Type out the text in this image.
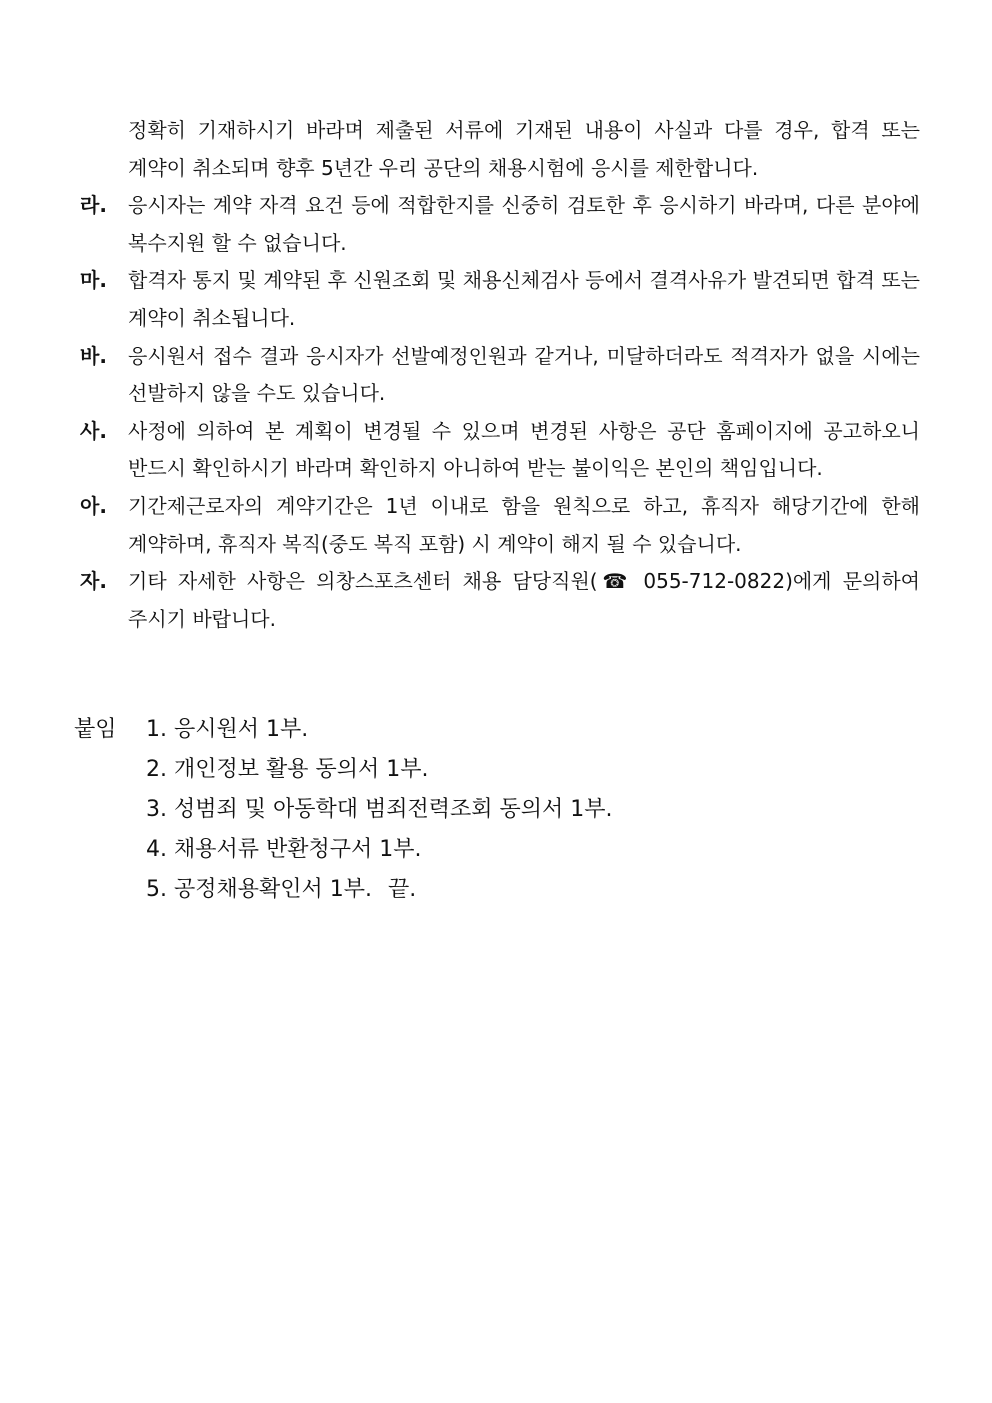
정확히 기재하시기 바라며 제출된 서류에 기재된 내용이 사실과 다를 경우, 합격 또는 계약이 취소되며 향후 5년간 우리 공단의 채용시험에 응시를 제한합니다.
라.	응시자는 계약 자격 요건 등에 적합한지를 신중히 검토한 후 응시하기 바라며, 다른 분야에 복수지원 할 수 없습니다.
마.	합격자 통지 및 계약된 후 신원조회 및 채용신체검사 등에서 결격사유가 발견되면 합격 또는 계약이 취소됩니다.
바.	응시원서 접수 결과 응시자가 선발예정인원과 같거나, 미달하더라도 적격자가 없을 시에는 선발하지 않을 수도 있습니다.
사.	사정에 의하여 본 계획이 변경될 수 있으며 변경된 사항은 공단 홈페이지에 공고하오니 반드시 확인하시기 바라며 확인하지 아니하여 받는 불이익은 본인의 책임입니다.
아.	기간제근로자의 계약기간은 1년 이내로 함을 원칙으로 하고, 휴직자 해당기간에 한해 계약하며, 휴직자 복직(중도 복직 포함) 시 계약이 해지 될 수 있습니다.
자.	기타 자세한 사항은 의창스포츠센터 채용 담당직원(☎ 055-712-0822)에게 문의하여 주시기 바랍니다.
붙임	1. 응시원서 1부.
2. 개인정보 활용 동의서 1부.
3. 성범죄 및 아동학대 범죄전력조회 동의서 1부.
4. 채용서류 반환청구서 1부.
5. 공정채용확인서 1부. 끝.
